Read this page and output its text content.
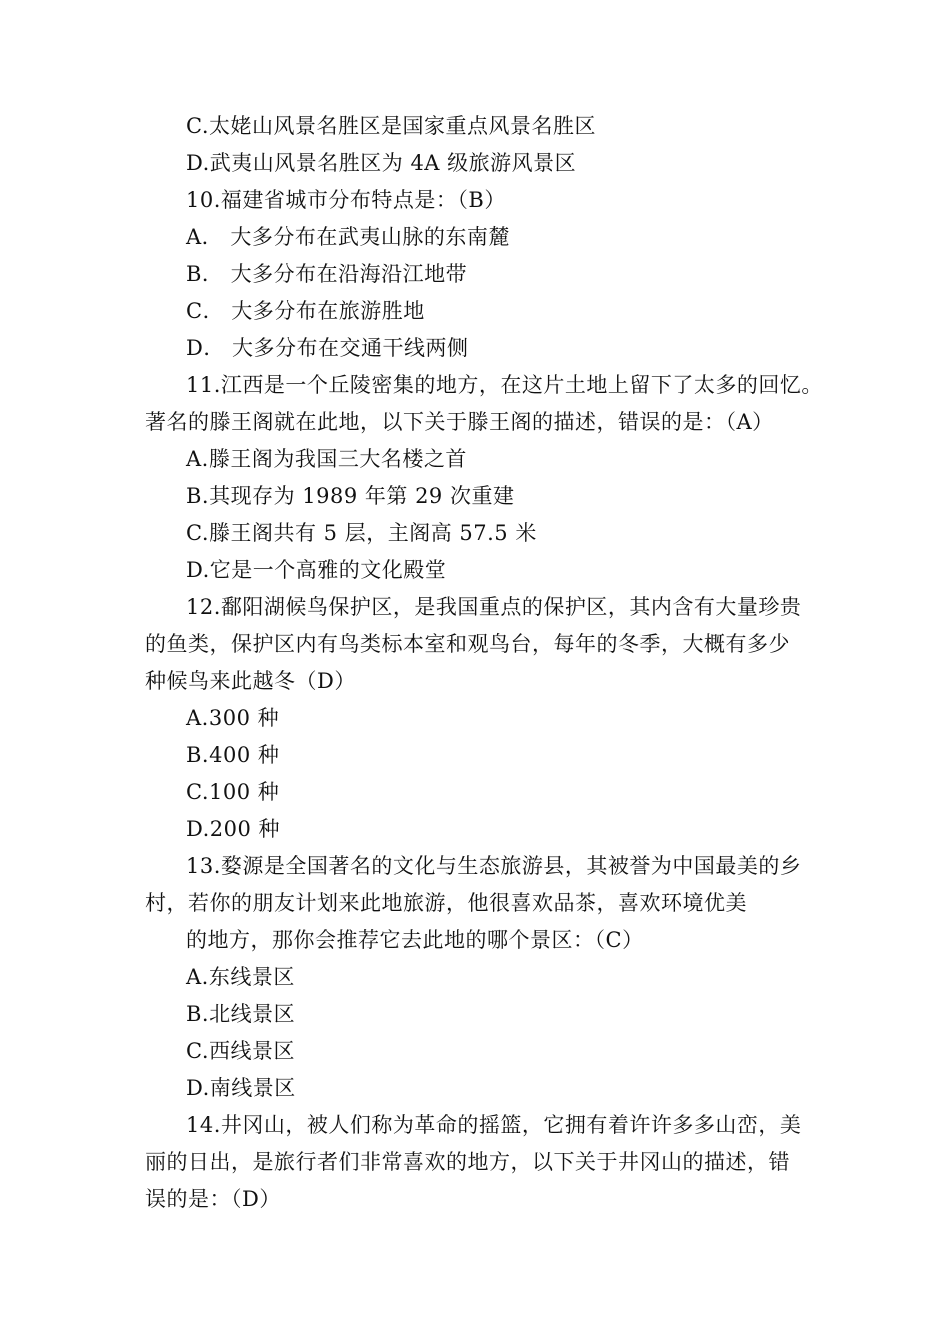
C.太姥山风景名胜区是国家重点风景名胜区
D.武夷山风景名胜区为 4A 级旅游风景区
10.福建省城市分布特点是：（B）
A． 大多分布在武夷山脉的东南麓
B． 大多分布在沿海沿江地带
C． 大多分布在旅游胜地
D． 大多分布在交通干线两侧
11.江西是一个丘陵密集的地方，在这片土地上留下了太多的回忆。
著名的滕王阁就在此地，以下关于滕王阁的描述，错误的是：（A）
A.滕王阁为我国三大名楼之首
B.其现存为 1989 年第 29 次重建
C.滕王阁共有 5 层，主阁高 57.5 米
D.它是一个高雅的文化殿堂
12.鄱阳湖候鸟保护区，是我国重点的保护区，其内含有大量珍贵
的鱼类，保护区内有鸟类标本室和观鸟台，每年的冬季，大概有多少
种候鸟来此越冬（D）
A.300 种
B.400 种
C.100 种
D.200 种
13.婺源是全国著名的文化与生态旅游县，其被誉为中国最美的乡
村，若你的朋友计划来此地旅游，他很喜欢品茶，喜欢环境优美
的地方，那你会推荐它去此地的哪个景区：（C）
A.东线景区
B.北线景区
C.西线景区
D.南线景区
14.井冈山，被人们称为革命的摇篮，它拥有着许许多多山峦，美
丽的日出，是旅行者们非常喜欢的地方，以下关于井冈山的描述，错
误的是：（D）
